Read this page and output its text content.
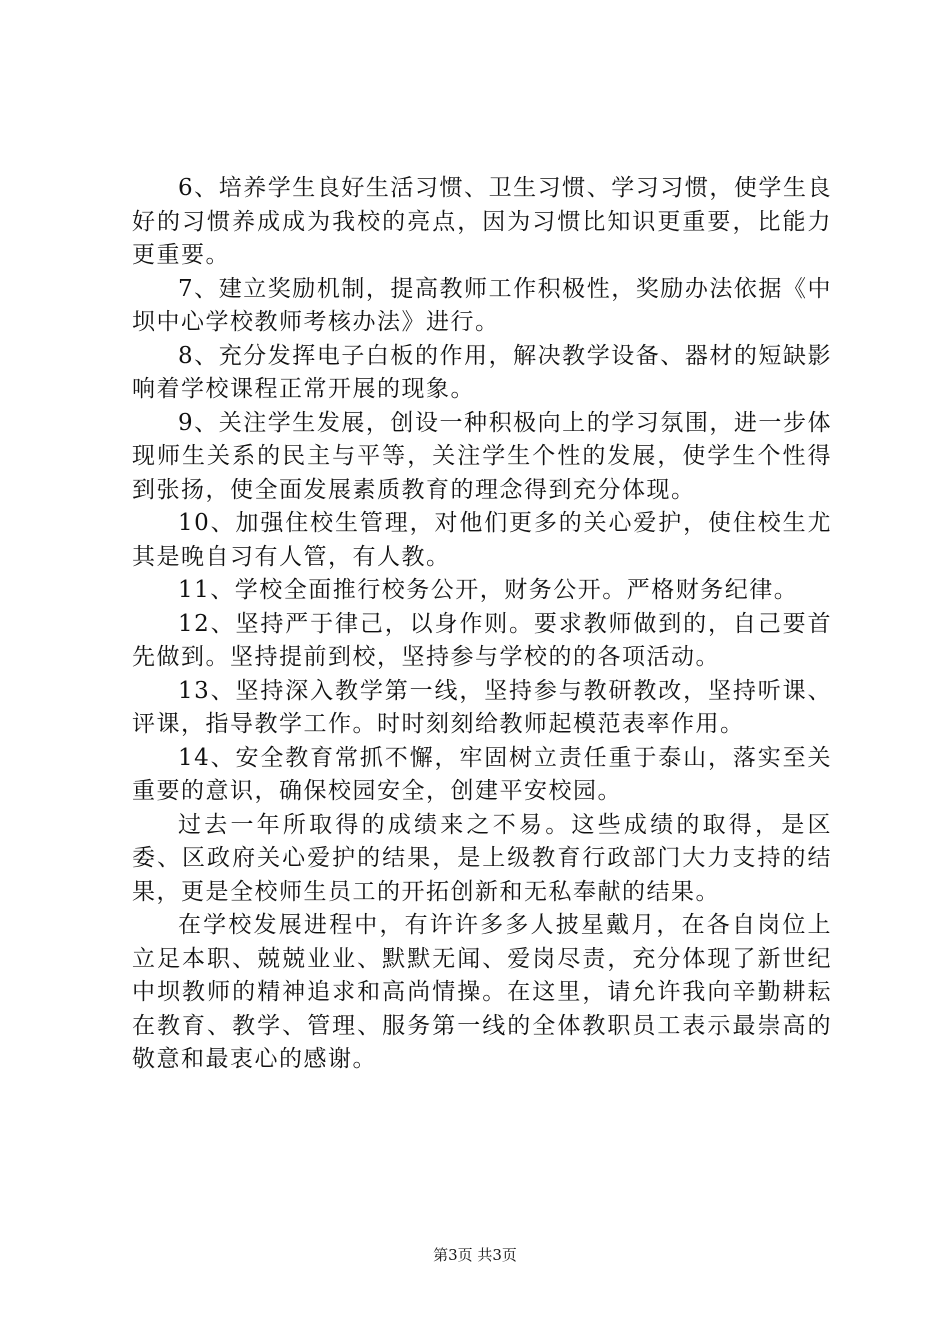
6、培养学生良好生活习惯、卫生习惯、学习习惯，使学生良好的习惯养成成为我校的亮点，因为习惯比知识更重要，比能力更重要。

7、建立奖励机制，提高教师工作积极性，奖励办法依据《中坝中心学校教师考核办法》进行。

8、充分发挥电子白板的作用，解决教学设备、器材的短缺影响着学校课程正常开展的现象。

9、关注学生发展，创设一种积极向上的学习氛围，进一步体现师生关系的民主与平等，关注学生个性的发展，使学生个性得到张扬，使全面发展素质教育的理念得到充分体现。

10、加强住校生管理，对他们更多的关心爱护，使住校生尤其是晚自习有人管，有人教。

11、学校全面推行校务公开，财务公开。严格财务纪律。

12、坚持严于律己，以身作则。要求教师做到的，自己要首先做到。坚持提前到校，坚持参与学校的的各项活动。

13、坚持深入教学第一线，坚持参与教研教改，坚持听课、评课，指导教学工作。时时刻刻给教师起模范表率作用。

14、安全教育常抓不懈，牢固树立责任重于泰山，落实至关重要的意识，确保校园安全，创建平安校园。

过去一年所取得的成绩来之不易。这些成绩的取得，是区委、区政府关心爱护的结果，是上级教育行政部门大力支持的结果，更是全校师生员工的开拓创新和无私奉献的结果。

在学校发展进程中，有许许多多人披星戴月，在各自岗位上立足本职、兢兢业业、默默无闻、爱岗尽责，充分体现了新世纪中坝教师的精神追求和高尚情操。在这里，请允许我向辛勤耕耘在教育、教学、管理、服务第一线的全体教职员工表示最崇高的敬意和最衷心的感谢。

第3页 共3页
